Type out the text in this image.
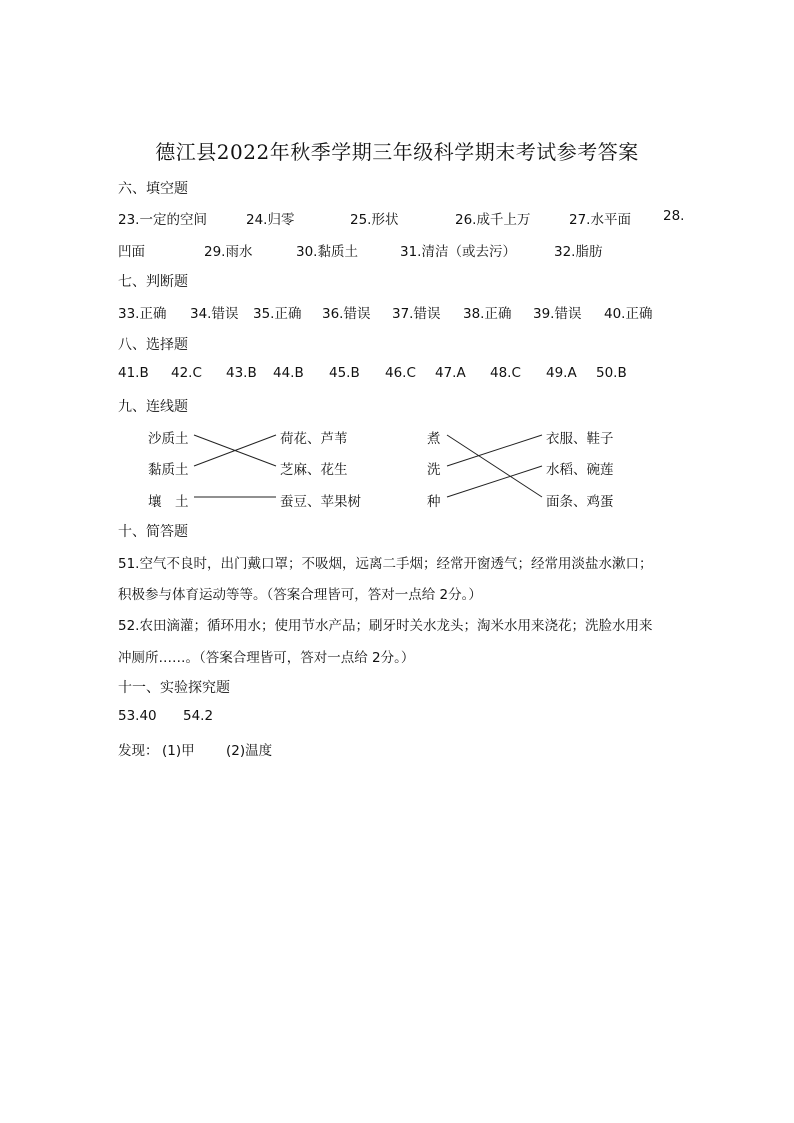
德江县2022年秋季学期三年级科学期末考试参考答案
六、填空题
23.一定的空间	24.归零	25.形状	26.成千上万	27.水平面 28.
凹面	29.雨水	30.黏质土	31.清洁（或去污）	32.脂肪
七、判断题
33.正确 34.错误 35.正确 36.错误 37.错误 38.正确 39.错误 40.正确
八、选择题
41.B 42.C 43.B 44.B 45.B 46.C 47.A 48.C 49.A 50.B
九、连线题
沙质土
黏质土
壤　土
荷花、芦苇
芝麻、花生
蚕豆、苹果树
煮
洗
种
衣服、鞋子
水稻、碗莲
面条、鸡蛋
十、简答题
51.空气不良时，出门戴口罩；不吸烟，远离二手烟；经常开窗透气；经常用淡盐水漱口；
积极参与体育运动等等。（答案合理皆可，答对一点给 2分。）
52.农田滴灌；循环用水；使用节水产品；刷牙时关水龙头；淘米水用来浇花；洗脸水用来
冲厕所……。（答案合理皆可，答对一点给 2分。）
十一、实验探究题
53.40 54.2
发现： (1)甲 (2)温度
